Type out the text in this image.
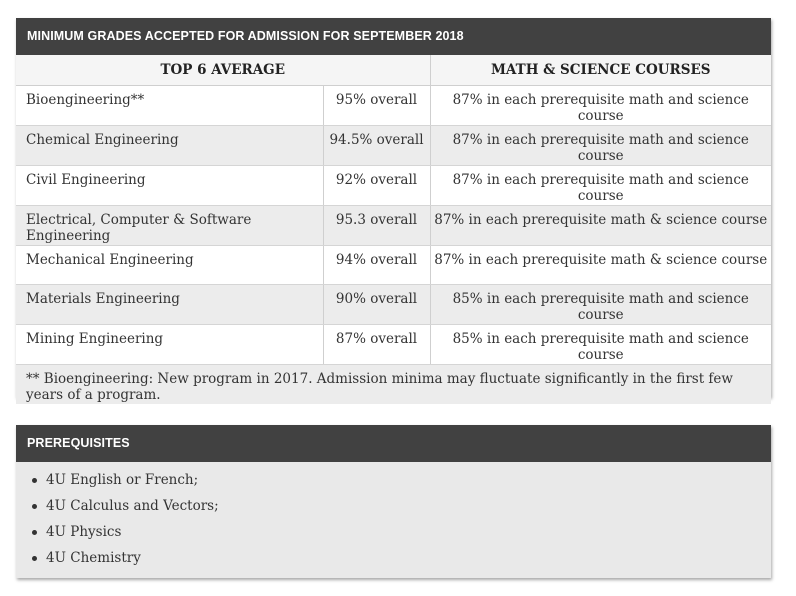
MINIMUM GRADES ACCEPTED FOR ADMISSION FOR SEPTEMBER 2018
TOP 6 AVERAGE		MATH & SCIENCE COURSES
Bioengineering**	95% overall	87% in each prerequisite math and science course
Chemical Engineering	94.5% overall	87% in each prerequisite math and science course
Civil Engineering	92% overall	87% in each prerequisite math and science course
Electrical, Computer & Software Engineering	95.3 overall	87% in each prerequisite math & science course
Mechanical Engineering	94% overall	87% in each prerequisite math & science course
Materials Engineering	90% overall	85% in each prerequisite math and science course
Mining Engineering	87% overall	85% in each prerequisite math and science course
** Bioengineering: New program in 2017. Admission minima may fluctuate significantly in the first few years of a program.		
PREREQUISITES
4U English or French;
4U Calculus and Vectors;
4U Physics
4U Chemistry
